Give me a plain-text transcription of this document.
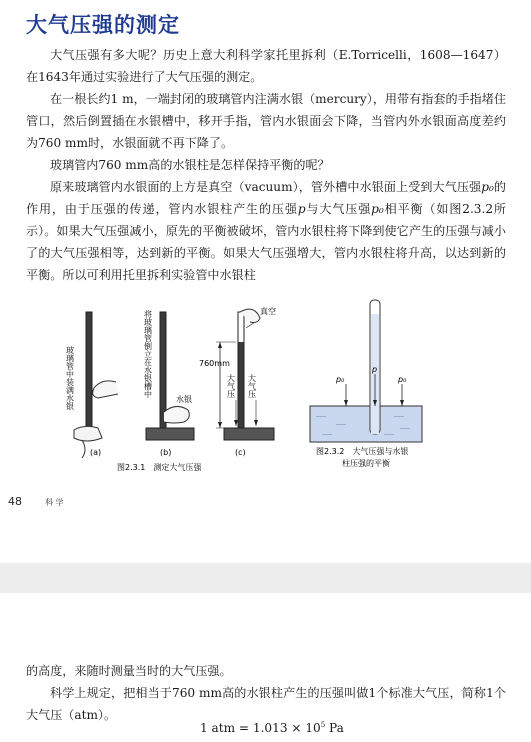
大气压强的测定

大气压强有多大呢？历史上意大利科学家托里拆利（E.Torricelli，1608—1647）在1643年通过实验进行了大气压强的测定。

在一根长约1 m，一端封闭的玻璃管内注满水银（mercury），用带有指套的手指堵住管口，然后倒置插在水银槽中，移开手指，管内水银面会下降，当管内外水银面高度差约为760 mm时，水银面就不再下降了。

玻璃管内760 mm高的水银柱是怎样保持平衡的呢？

原来玻璃管内水银面的上方是真空（vacuum），管外槽中水银面上受到大气压强p₀的作用，由于压强的传递，管内水银柱产生的压强p与大气压强p₀相平衡（如图2.3.2所示）。如果大气压强减小，原先的平衡被破坏，管内水银柱将下降到使它产生的压强与减小了的大气压强相等，达到新的平衡。如果大气压强增大，管内水银柱将升高，以达到新的平衡。所以可利用托里拆利实验管中水银柱

玻璃管中装满水银	将玻璃管倒立在水银槽中
水银
真空
760mm
大气压 大气压
(a)	(b)	(c)
图2.3.1　测定大气压强
p₀
p
p₀
图2.3.2　大气压强与水银
柱压强的平衡
48	科 学

的高度，来随时测量当时的大气压强。

科学上规定，把相当于760 mm高的水银柱产生的压强叫做1个标准大气压，简称1个大气压（atm）。

1 atm = $1.013 \times 10^5$ Pa
